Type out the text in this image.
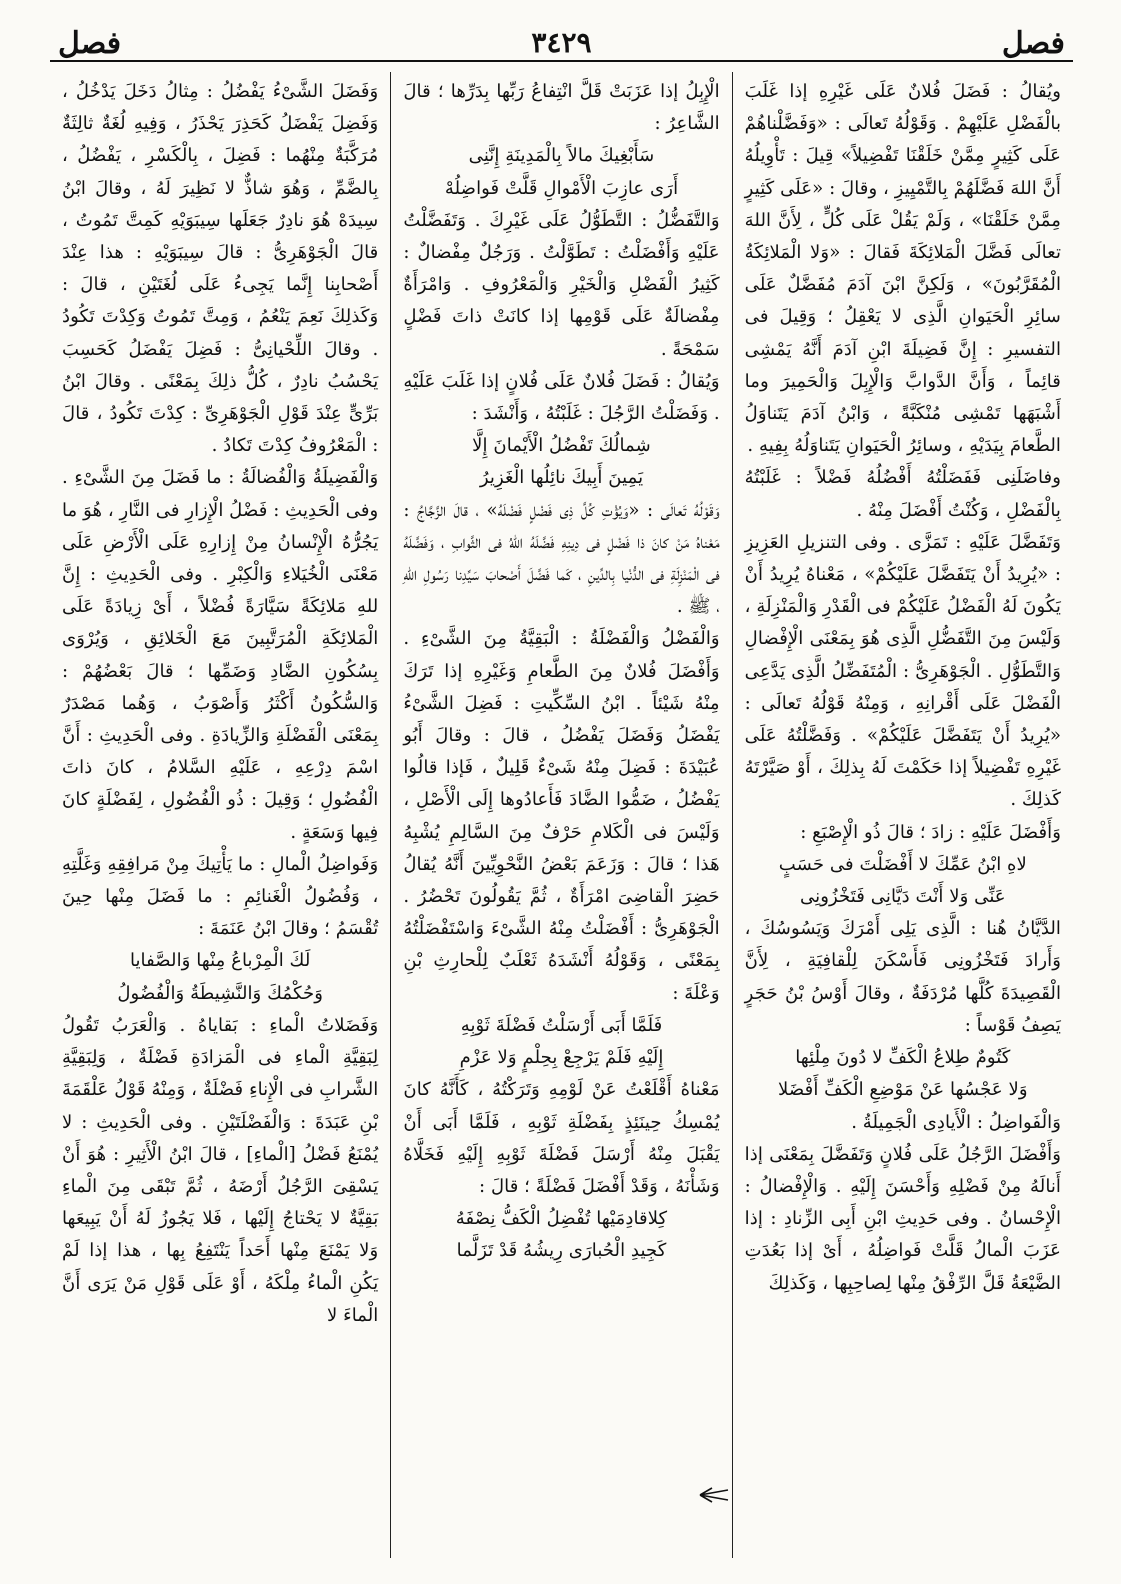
فصل
٣٤٢٩
فصل

ويُقالُ : فَضَلَ فُلانٌ عَلَى غَيْرِهِ إذا غَلَبَ بالْفَضْلِ عَلَيْهِمْ . وَقَوْلُهُ تَعالَى : «وَفَضَّلْناهُمْ عَلَى كَثِيرٍ مِمَّنْ خَلَقْنَا تَفْضِيلاً» قِيلَ : تَأْوِيلُهُ أَنَّ اللهَ فَضَّلَهُمْ بِالتَّمْيِيزِ ، وقالَ : «عَلَى كَثِيرٍ مِمَّنْ خَلَقْنَا» ، وَلَمْ يَقُلْ عَلَى كُلٍّ ، لِأَنَّ اللهَ تعالَى فَضَّلَ الْمَلائِكَةَ فَقالَ : «وَلا الْمَلائِكَةُ الْمُقَرَّبُونَ» ، وَلَكِنَّ ابْنَ آدَمَ مُفَضَّلٌ عَلَى سائِرِ الْحَيَوانِ الَّذِى لا يَعْقِلُ ؛ وَقِيلَ فى التفسيرِ : إِنَّ فَضِيلَةَ ابْنِ آدَمَ أَنَّهُ يَمْشِى قائِماً ، وَأَنَّ الدَّوابَّ وَالْإِبِلَ وَالْحَمِيرَ وما أَشْبَهَها تَمْشِى مُنْكَبَّةً ، وَابْنُ آدَمَ يَتَناوَلُ الطَّعامَ بِيَدَيْهِ ، وسائِرُ الْحَيَوانِ يَتَناوَلُهُ بِفِيهِ .

وفاضَلَنِى فَفَضَلْتُهُ أَفْضُلُهُ فَضْلاً : غَلَبْتُهُ بِالْفَضْلِ ، وَكُنْتُ أَفْضَلَ مِنْهُ .

وَتَفَضَّلَ عَلَيْهِ : تَمَزَّى . وفى التنزيلِ العَزِيزِ : «يُرِيدُ أَنْ يَتَفَضَّلَ عَلَيْكُمْ» ، مَعْناهُ يُرِيدُ أَنْ يَكُونَ لَهُ الْفَضْلُ عَلَيْكُمْ فى الْقَدْرِ وَالْمَنْزِلَةِ ، وَلَيْسَ مِنَ التَّفَضُّلِ الَّذِى هُوَ بِمَعْنَى الْإِفْضالِ وَالتَّطَوُّلِ . الْجَوْهَرِىُّ : الْمُتَفَضِّلُ الَّذِى يَدَّعِى الْفَضْلَ عَلَى أَقْرانِهِ ، وَمِنْهُ قَوْلُهُ تَعالَى : «يُرِيدُ أَنْ يَتَفَضَّلَ عَلَيْكُمْ» . وَفَضَّلْتُهُ عَلَى غَيْرِهِ تَفْضِيلاً إذا حَكَمْتَ لَهُ بِذلِكَ ، أَوْ صَيَّرْتَهُ كَذلِكَ .

وَأَفْضَلَ عَلَيْهِ : زادَ ؛ قالَ ذُو الْإِصْبَعِ :

لاهِ ابْنُ عَمِّكَ لا أَفْضَلْتَ فى حَسَبٍ

عَنِّى وَلا أَنْتَ دَيَّانِى فَتَخْزُونِى

الدَّيَّانُ هُنا : الَّذِى يَلِى أَمْرَكَ وَيَسُوسُكَ ، وَأَرادَ فَتَخْزُونِى فَأَسْكَنَ لِلْقافِيَةِ ، لِأَنَّ الْقَصِيدَةَ كُلَّها مُرْدَفَةٌ ، وقالَ أَوْسُ بْنُ حَجَرٍ يَصِفُ قَوْساً :

كَتُومٌ طِلاعُ الْكَفِّ لا دُونَ مِلْئِها

وَلا عَجْسُها عَنْ مَوْضِعِ الْكَفِّ أَفْضَلا

وَالْفَواضِلُ : الْأَيادِى الْجَمِيلَةُ .

وَأَفْضَلَ الرَّجُلُ عَلَى فُلانٍ وَتَفَضَّلَ بِمَعْنَى إذا أَنالَهُ مِنْ فَضْلِهِ وَأَحْسَنَ إِلَيْهِ . وَالْإِفْضالُ : الْإِحْسانُ . وفى حَدِيثِ ابْنِ أَبِى الزِّنادِ : إذا عَزَبَ الْمالُ قَلَّتْ فَواضِلُهُ ، أَىْ إذا بَعُدَتِ الضَّيْعَةُ قَلَّ الرِّفْقُ مِنْها لِصاحِبِها ، وَكَذلِكَ

الْإِبِلُ إذا عَزَبَتْ قَلَّ انْتِفاعُ رَبِّها بِدَرِّها ؛ قالَ الشَّاعِرُ :

سَأَبْغِيكَ مالاً بِالْمَدِينَةِ إِنَّنِى

أَرَى عازِبَ الْأَمْوالِ قَلَّتْ فَواضِلُهْ

وَالتَّفَضُّلُ : التَّطَوُّلُ عَلَى غَيْرِكَ . وَتَفَضَّلْتُ عَلَيْهِ وَأَفْضَلْتُ : تَطَوَّلْتُ . وَرَجُلٌ مِفْضالٌ : كَثِيرُ الْفَضْلِ وَالْخَيْرِ وَالْمَعْرُوفِ . وَامْرَأَةٌ مِفْضالَةٌ عَلَى قَوْمِها إذا كانَتْ ذاتَ فَضْلٍ سَمْحَةً .

وَيُقالُ : فَضَلَ فُلانٌ عَلَى فُلانٍ إذا غَلَبَ عَلَيْهِ . وَفَضَلْتُ الرَّجُلَ : غَلَبْتُهُ ، وَأَنْشَدَ :

شِمالُكَ تَفْضُلُ الْأَيْمانَ إِلَّا

يَمِينَ أَبِيكَ نائِلُها الْغَزِيرُ

وَقَوْلُهُ تَعالَى : «وَيُؤْتِ كُلَّ ذِى فَضْلٍ فَضْلَهُ» ، قالَ الزَّجَّاجُ : مَعْناهُ مَنْ كانَ ذا فَضْلٍ فى دِينِهِ فَضَّلَهُ اللهُ فى الثَّوابِ ، وَفَضَّلَهُ فى الْمَنْزِلَةِ فى الدُّنْيا بِالدِّينِ ، كَما فَضَّلَ أَصْحابَ سَيِّدِنا رَسُولِ اللهِ ، ﷺ .

وَالْفَضْلُ وَالْفَضْلَةُ : الْبَقِيَّةُ مِنَ الشَّىْءِ . وَأَفْضَلَ فُلانٌ مِنَ الطَّعامِ وَغَيْرِهِ إذا تَرَكَ مِنْهُ شَيْئاً . ابْنُ السِّكِّيتِ : فَضِلَ الشَّىْءُ يَفْضَلُ وَفَضَلَ يَفْضُلُ ، قالَ : وقالَ أَبُو عُبَيْدَةَ : فَضِلَ مِنْهُ شَىْءٌ قَلِيلٌ ، فَإذا قالُوا يَفْضُلُ ، ضَمُّوا الضَّادَ فَأَعادُوها إِلَى الْأَصْلِ ، وَلَيْسَ فى الْكَلامِ حَرْفٌ مِنَ السَّالِمِ يُشْبِهُ هَذا ؛ قالَ : وَزَعَمَ بَعْضُ النَّحْوِيِّينَ أَنَّهُ يُقالُ حَضِرَ الْقاضِىَ امْرَأَةٌ ، ثُمَّ يَقُولُونَ تَحْضُرُ . الْجَوْهَرِىُّ : أَفْضَلْتُ مِنْهُ الشَّىْءَ وَاسْتَفْضَلْتُهُ بِمَعْنًى ، وَقَوْلُهُ أَنْشَدَهُ ثَعْلَبٌ لِلْحارِثِ بْنِ وَعْلَةَ :

فَلَمَّا أَبَى أَرْسَلْتُ فَضْلَةَ ثَوْبِهِ

إِلَيْهِ فَلَمْ يَرْجِعْ بِحِلْمٍ وَلا عَزْمِ

مَعْناهُ أَقْلَعْتُ عَنْ لَوْمِهِ وَتَرَكْتُهُ ، كَأَنَّهُ كانَ يُمْسِكُ حِينَئِذٍ بِفَضْلَةِ ثَوْبِهِ ، فَلَمَّا أَبَى أَنْ يَقْبَلَ مِنْهُ أَرْسَلَ فَضْلَةَ ثَوْبِهِ إِلَيْهِ فَخَلَّاهُ وَشَأْنَهُ ، وَقَدْ أَفْضَلَ فَضْلَةً ؛ قالَ :

كِلاقادِمَيْها تُفْضِلُ الْكَفُّ نِصْفَهُ

كَجِيدِ الْحُبارَى رِيشُهُ قَدْ تَزَلَّما

وَفَضَلَ الشَّىْءُ يَفْضُلُ : مِثالُ دَخَلَ يَدْخُلُ ، وَفَضِلَ يَفْضَلُ كَحَذِرَ يَحْذَرُ ، وَفِيهِ لُغَةٌ ثالِثَةٌ مُرَكَّبَةٌ مِنْهُما : فَضِلَ ، بِالْكَسْرِ ، يَفْضُلُ ، بِالضَّمِّ ، وَهُوَ شاذٌّ لا نَظِيرَ لَهُ ، وقالَ ابْنُ سِيدَهْ هُوَ نادِرٌ جَعَلَها سِيبَوَيْهِ كَمِتَّ تَمُوتُ ، قالَ الْجَوْهَرِىُّ : قالَ سِيبَوَيْهِ : هذا عِنْدَ أَصْحابِنا إِنَّما يَجِىءُ عَلَى لُغَتَيْنِ ، قالَ : وَكَذلِكَ نَعِمَ يَنْعُمُ ، وَمِتَّ تَمُوتُ وَكِدْتَ تَكُودُ . وقالَ اللِّحْيانِىُّ : فَضِلَ يَفْضَلُ كَحَسِبَ يَحْسُبُ نادِرٌ ، كُلُّ ذلِكَ بِمَعْنًى . وقالَ ابْنُ بَرِّىٍّ عِنْدَ قَوْلِ الْجَوْهَرِىِّ : كِدْتَ تَكُودُ ، قالَ : الْمَعْرُوفُ كِدْتَ تَكادُ .

وَالْفَضِيلَةُ وَالْفُضالَةُ : ما فَضَلَ مِنَ الشَّىْءِ . وفى الْحَدِيثِ : فَضْلُ الْإِزارِ فى النَّارِ ، هُوَ ما يَجُرُّهُ الْإِنْسانُ مِنْ إِزارِهِ عَلَى الْأَرْضِ عَلَى مَعْنَى الْخُيَلاءِ وَالْكِبْرِ . وفى الْحَدِيثِ : إِنَّ للهِ مَلائِكَةً سَيَّارَةً فُضْلاً ، أَىْ زِيادَةً عَلَى الْمَلائِكَةِ الْمُرَتَّبِينَ مَعَ الْخَلائِقِ ، وَيُرْوَى بِسُكُونِ الضَّادِ وَضَمِّها ؛ قالَ بَعْضُهُمْ : وَالسُّكُونُ أَكْثَرُ وَأَصْوَبُ ، وَهُما مَصْدَرٌ بِمَعْنَى الْفَضْلَةِ وَالزِّيادَةِ . وفى الْحَدِيثِ : أَنَّ اسْمَ دِرْعِهِ ، عَلَيْهِ السَّلامُ ، كانَ ذاتَ الْفُضُولِ ؛ وَقِيلَ : ذُو الْفُضُولِ ، لِفَضْلَةٍ كانَ فِيها وَسَعَةٍ .

وَفَواضِلُ الْمالِ : ما يَأْتِيكَ مِنْ مَرافِقِهِ وَغَلَّتِهِ ، وَفُضُولُ الْغَنائِمِ : ما فَضَلَ مِنْها حِينَ تُقْسَمُ ؛ وقالَ ابْنُ عَنَمَةَ :

لَكَ الْمِرْباعُ مِنْها وَالصَّفايا

وَحُكْمُكَ وَالنَّشِيطَةُ وَالْفُضُولُ

وَفَضَلاتُ الْماءِ : بَقاياهُ . وَالْعَرَبُ تَقُولُ لِبَقِيَّةِ الْماءِ فى الْمَزادَةِ فَضْلَةٌ ، وَلِبَقِيَّةِ الشَّرابِ فى الْإِناءِ فَضْلَةٌ ، وَمِنْهُ قَوْلُ عَلْقَمَةَ بْنِ عَبَدَةَ : وَالْفَضْلَتَيْنِ . وفى الْحَدِيثِ : لا يُمْنَعُ فَضْلُ [الْماءِ] ، قالَ ابْنُ الْأَثِيرِ : هُوَ أَنْ يَسْقِىَ الرَّجُلُ أَرْضَهُ ، ثُمَّ تَبْقَى مِنَ الْماءِ بَقِيَّةٌ لا يَحْتاجُ إِلَيْها ، فَلا يَجُوزُ لَهُ أَنْ يَبِيعَها وَلا يَمْنَعَ مِنْها أَحَداً يَنْتَفِعُ بِها ، هذا إذا لَمْ يَكُنِ الْماءُ مِلْكَهُ ، أَوْ عَلَى قَوْلِ مَنْ يَرَى أَنَّ الْماءَ لا
